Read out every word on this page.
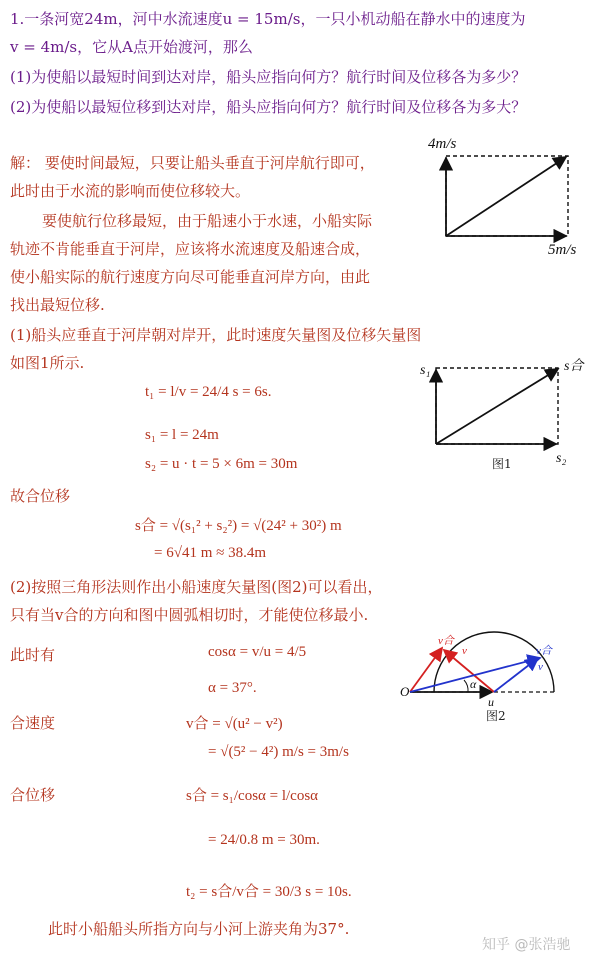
1.一条河宽24m，河中水流速度u = 15m/s，一只小机动船在静水中的速度为
v = 4m/s，它从A点开始渡河，那么
(1)为使船以最短时间到达对岸，船头应指向何方？航行时间及位移各为多少？
(2)为使船以最短位移到达对岸，船头应指向何方？航行时间及位移各为多大？
解： 要使时间最短，只要让船头垂直于河岸航行即可，
此时由于水流的影响而使位移较大。
要使航行位移最短，由于船速小于水速，小船实际
轨迹不肯能垂直于河岸，应该将水流速度及船速合成，
使小船实际的航行速度方向尽可能垂直河岸方向，由此
找出最短位移.
(1)船头应垂直于河岸朝对岸开，此时速度矢量图及位移矢量图
如图1所示.
t₁ = l/v = 24/4 s = 6s.
s₁ = l = 24m
s₂ = u · t = 5 × 6m = 30m
故合位移
s合 = √(s₁² + s₂²) = √(24² + 30²) m
= 6√41 m ≈ 38.4m
(2)按照三角形法则作出小船速度矢量图(图2)可以看出，
只有当v合的方向和图中圆弧相切时，才能使位移最小.
此时有	cosα = v/u = 4/5
α = 37°.
合速度	v合 = √(u² − v²)
= √(5² − 4²) m/s = 3m/s
合位移	s合 = s₁/cosα = l/cosα
= 24/0.8 m = 30m.
t₂ = s合/v合 = 30/3 s = 10s.
此时小船船头所指方向与小河上游夹角为37°.
4m/s
5m/s
s₁	s合
s₂
图1
O	α
u
v合
v	v合
v
图2
知乎 @张浩驰
